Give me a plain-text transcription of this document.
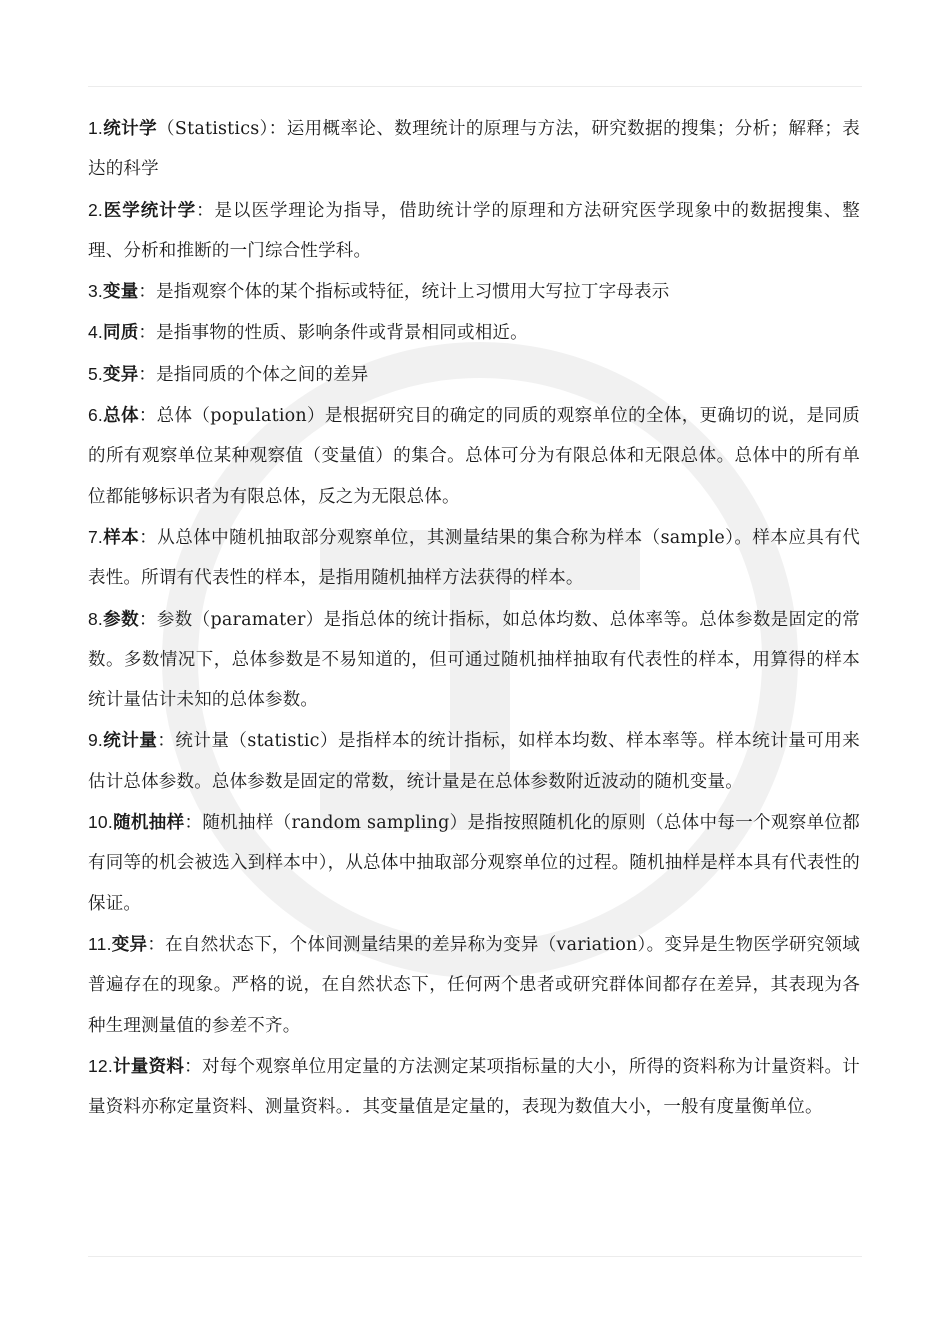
1.统计学（Statistics）：运用概率论、数理统计的原理与方法，研究数据的搜集；分析；解释；表达的科学

2.医学统计学：是以医学理论为指导，借助统计学的原理和方法研究医学现象中的数据搜集、整理、分析和推断的一门综合性学科。

3.变量：是指观察个体的某个指标或特征，统计上习惯用大写拉丁字母表示

4.同质：是指事物的性质、影响条件或背景相同或相近。

5.变异：是指同质的个体之间的差异

6.总体：总体（population）是根据研究目的确定的同质的观察单位的全体，更确切的说，是同质的所有观察单位某种观察值（变量值）的集合。总体可分为有限总体和无限总体。总体中的所有单位都能够标识者为有限总体，反之为无限总体。

7.样本：从总体中随机抽取部分观察单位，其测量结果的集合称为样本（sample）。样本应具有代表性。所谓有代表性的样本，是指用随机抽样方法获得的样本。

8.参数：参数（paramater）是指总体的统计指标，如总体均数、总体率等。总体参数是固定的常数。多数情况下，总体参数是不易知道的，但可通过随机抽样抽取有代表性的样本，用算得的样本统计量估计未知的总体参数。

9.统计量：统计量（statistic）是指样本的统计指标，如样本均数、样本率等。样本统计量可用来估计总体参数。总体参数是固定的常数，统计量是在总体参数附近波动的随机变量。

10.随机抽样：随机抽样（random sampling）是指按照随机化的原则（总体中每一个观察单位都有同等的机会被选入到样本中），从总体中抽取部分观察单位的过程。随机抽样是样本具有代表性的保证。

11.变异：在自然状态下，个体间测量结果的差异称为变异（variation）。变异是生物医学研究领域普遍存在的现象。严格的说，在自然状态下，任何两个患者或研究群体间都存在差异，其表现为各种生理测量值的参差不齐。

12.计量资料：对每个观察单位用定量的方法测定某项指标量的大小，所得的资料称为计量资料。计量资料亦称定量资料、测量资料。．其变量值是定量的，表现为数值大小，一般有度量衡单位。
